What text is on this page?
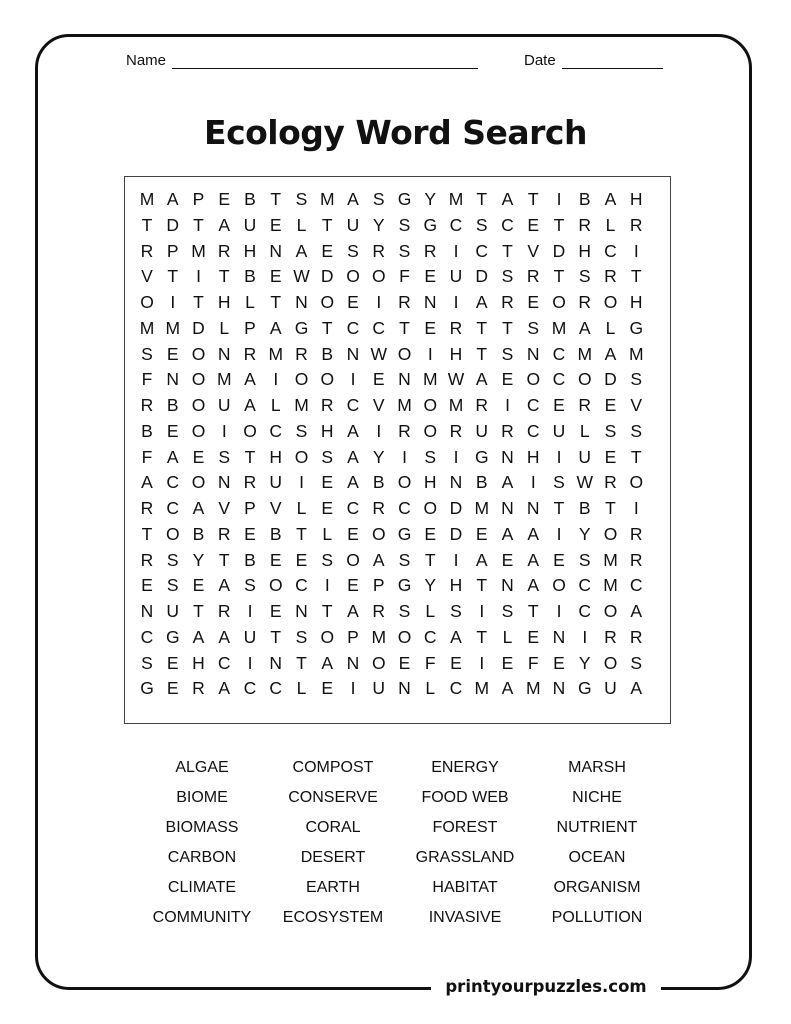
Name	Date
Ecology Word Search
M A P E B T S M A S G Y M T A T	I B A H
T D T A U E L T U Y S G C S C E T R L R
R P M R H N A E S R S R I C T V D H C I
V T	I	T B E W D O O F E U D S R T S R T
O I	T H L T N O E I R N I A R E O R O H
M M D L P A G T C C T E R T T S M A L G
S E O N R M R B N W O I H T S N C M A M
F N O M A I O O I E N M W A E O C O D S
R B O U A L M R C V M O M R I C E R E V
B E O I O C S H A I R O R U R C U L S S
F A E S T H O S A Y I S I G N H I U E T
A C O N R U I E A B O H N B A I S W R O
R C A V P V L E C R C O D M N N T B T	I
T O B R E B T L E O G E D E A A I Y O R
R S Y T B E E S O A S T	I A E A E S M R
E S E A S O C I E P G Y H T N A O C M C
N U T R I E N T A R S L S I S T	I C O A
C G A A U T S O P M O C A T L E N I R R
S E H C I N T A N O E F E I E F E Y O S
G E R A C C L E I U N L C M A M N G U A
ALGAE
BIOME
BIOMASS
CARBON
CLIMATE
COMMUNITY
COMPOST
CONSERVE
CORAL
DESERT
EARTH
ECOSYSTEM
ENERGY
FOOD WEB
FOREST
GRASSLAND
HABITAT
INVASIVE
MARSH
NICHE
NUTRIENT
OCEAN
ORGANISM
POLLUTION
printyourpuzzles.com
